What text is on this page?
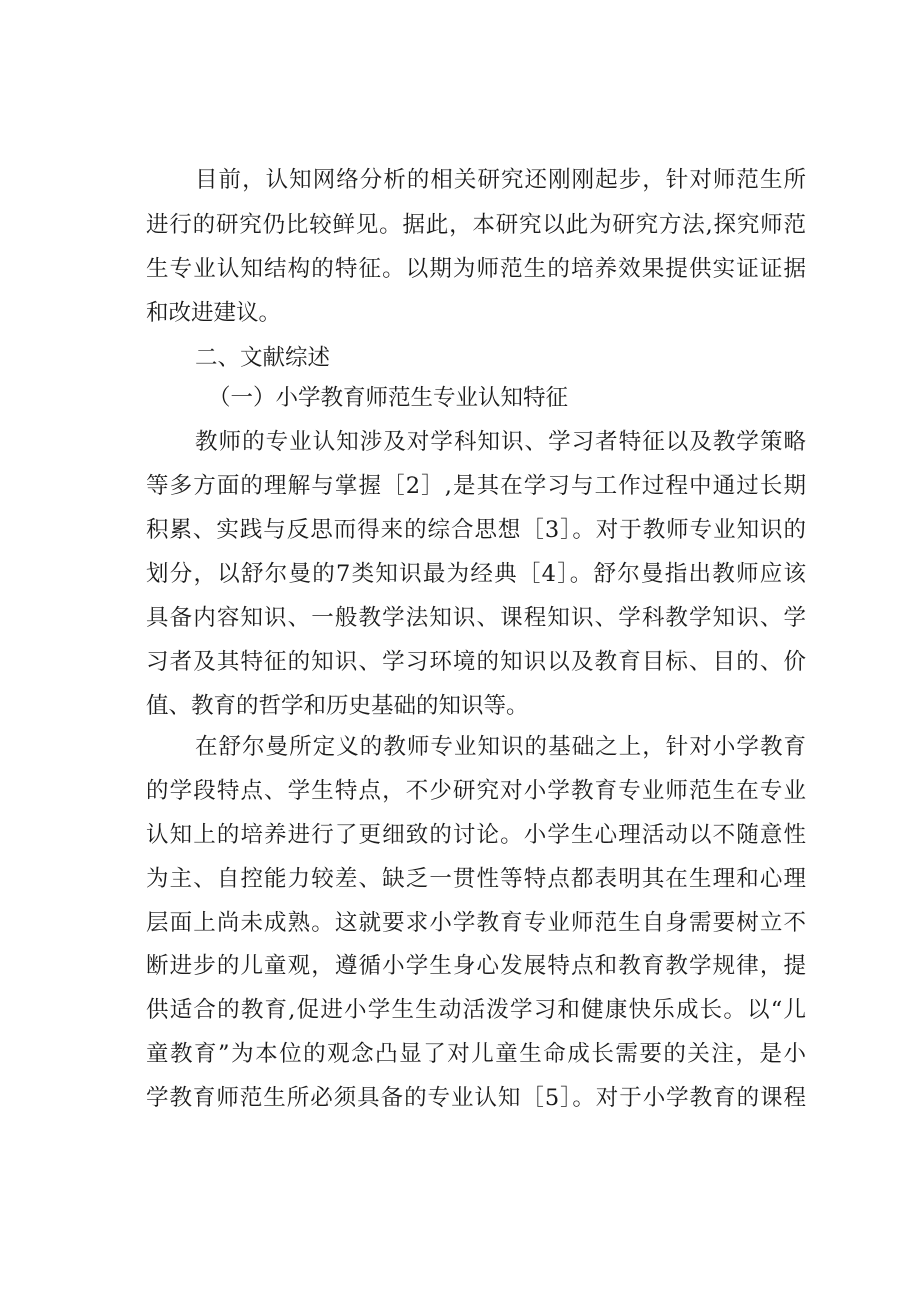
目前，认知网络分析的相关研究还刚刚起步，针对师范生所
进行的研究仍比较鲜见。据此，本研究以此为研究方法,探究师范
生专业认知结构的特征。以期为师范生的培养效果提供实证证据
和改进建议。
二、文献综述
（一）小学教育师范生专业认知特征
教师的专业认知涉及对学科知识、学习者特征以及教学策略
等多方面的理解与掌握［2］,是其在学习与工作过程中通过长期
积累、实践与反思而得来的综合思想［3］。对于教师专业知识的
划分，以舒尔曼的7类知识最为经典［4］。舒尔曼指出教师应该
具备内容知识、一般教学法知识、课程知识、学科教学知识、学
习者及其特征的知识、学习环境的知识以及教育目标、目的、价
值、教育的哲学和历史基础的知识等。
在舒尔曼所定义的教师专业知识的基础之上，针对小学教育
的学段特点、学生特点，不少研究对小学教育专业师范生在专业
认知上的培养进行了更细致的讨论。小学生心理活动以不随意性
为主、自控能力较差、缺乏一贯性等特点都表明其在生理和心理
层面上尚未成熟。这就要求小学教育专业师范生自身需要树立不
断进步的儿童观，遵循小学生身心发展特点和教育教学规律，提
供适合的教育,促进小学生生动活泼学习和健康快乐成长。以“儿
童教育”为本位的观念凸显了对儿童生命成长需要的关注，是小
学教育师范生所必须具备的专业认知［5］。对于小学教育的课程
